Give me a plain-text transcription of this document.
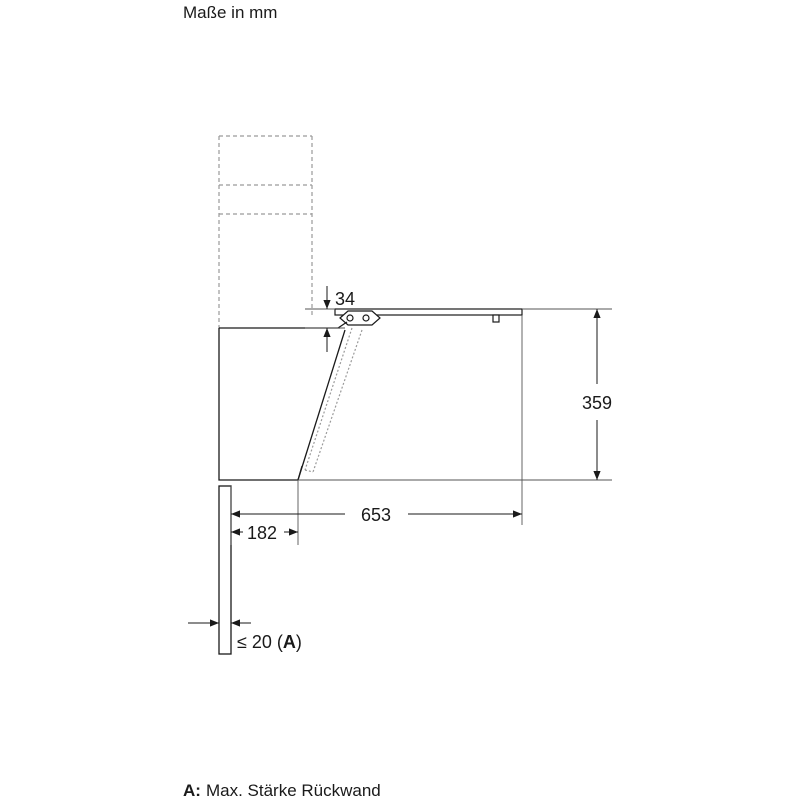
Maße in mm
34
359
653
182
≤ 20 (A)
A: Max. Stärke Rückwand
